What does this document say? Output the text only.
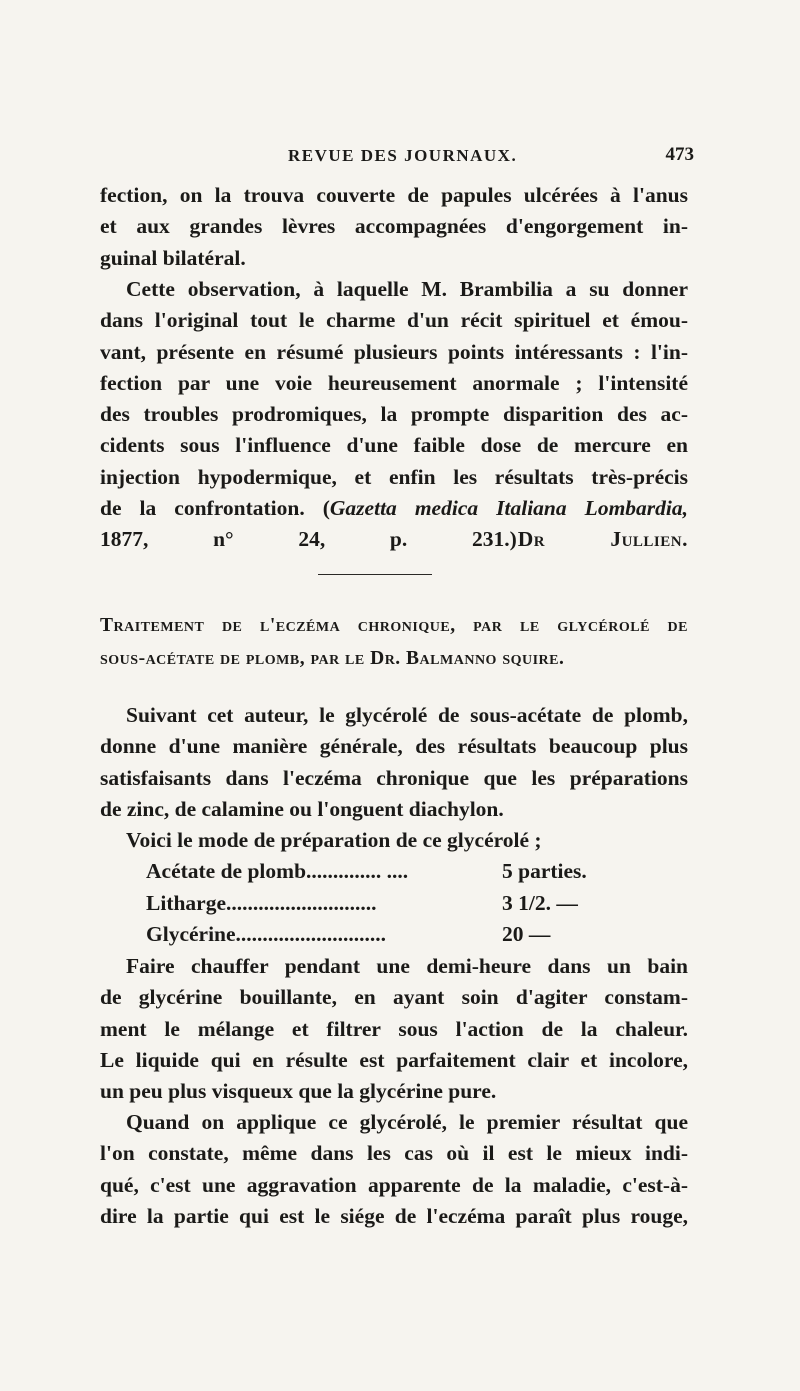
REVUE DES JOURNAUX.	473
fection, on la trouva couverte de papules ulcérées à l'anus
et aux grandes lèvres accompagnées d'engorgement in-
guinal bilatéral.
Cette observation, à laquelle M. Brambilia a su donner
dans l'original tout le charme d'un récit spirituel et émou-
vant, présente en résumé plusieurs points intéressants : l'in-
fection par une voie heureusement anormale ; l'intensité
des troubles prodromiques, la prompte disparition des ac-
cidents sous l'influence d'une faible dose de mercure en
injection hypodermique, et enfin les résultats très-précis
de la confrontation. (Gazetta medica Italiana Lombardia,
1877, n° 24, p. 231.)Dr Jullien.
Traitement de l'eczéma chronique, par le glycérolé de
sous-acétate de plomb, par le Dr. Balmanno squire.
Suivant cet auteur, le glycérolé de sous-acétate de plomb,
donne d'une manière générale, des résultats beaucoup plus
satisfaisants dans l'eczéma chronique que les préparations
de zinc, de calamine ou l'onguent diachylon.
Voici le mode de préparation de ce glycérolé ;
Acétate de plomb.............. ....	5 parties.
Litharge............................	3 1/2. —
Glycérine............................	20 —
Faire chauffer pendant une demi-heure dans un bain
de glycérine bouillante, en ayant soin d'agiter constam-
ment le mélange et filtrer sous l'action de la chaleur.
Le liquide qui en résulte est parfaitement clair et incolore,
un peu plus visqueux que la glycérine pure.
Quand on applique ce glycérolé, le premier résultat que
l'on constate, même dans les cas où il est le mieux indi-
qué, c'est une aggravation apparente de la maladie, c'est-à-
dire la partie qui est le siége de l'eczéma paraît plus rouge,
